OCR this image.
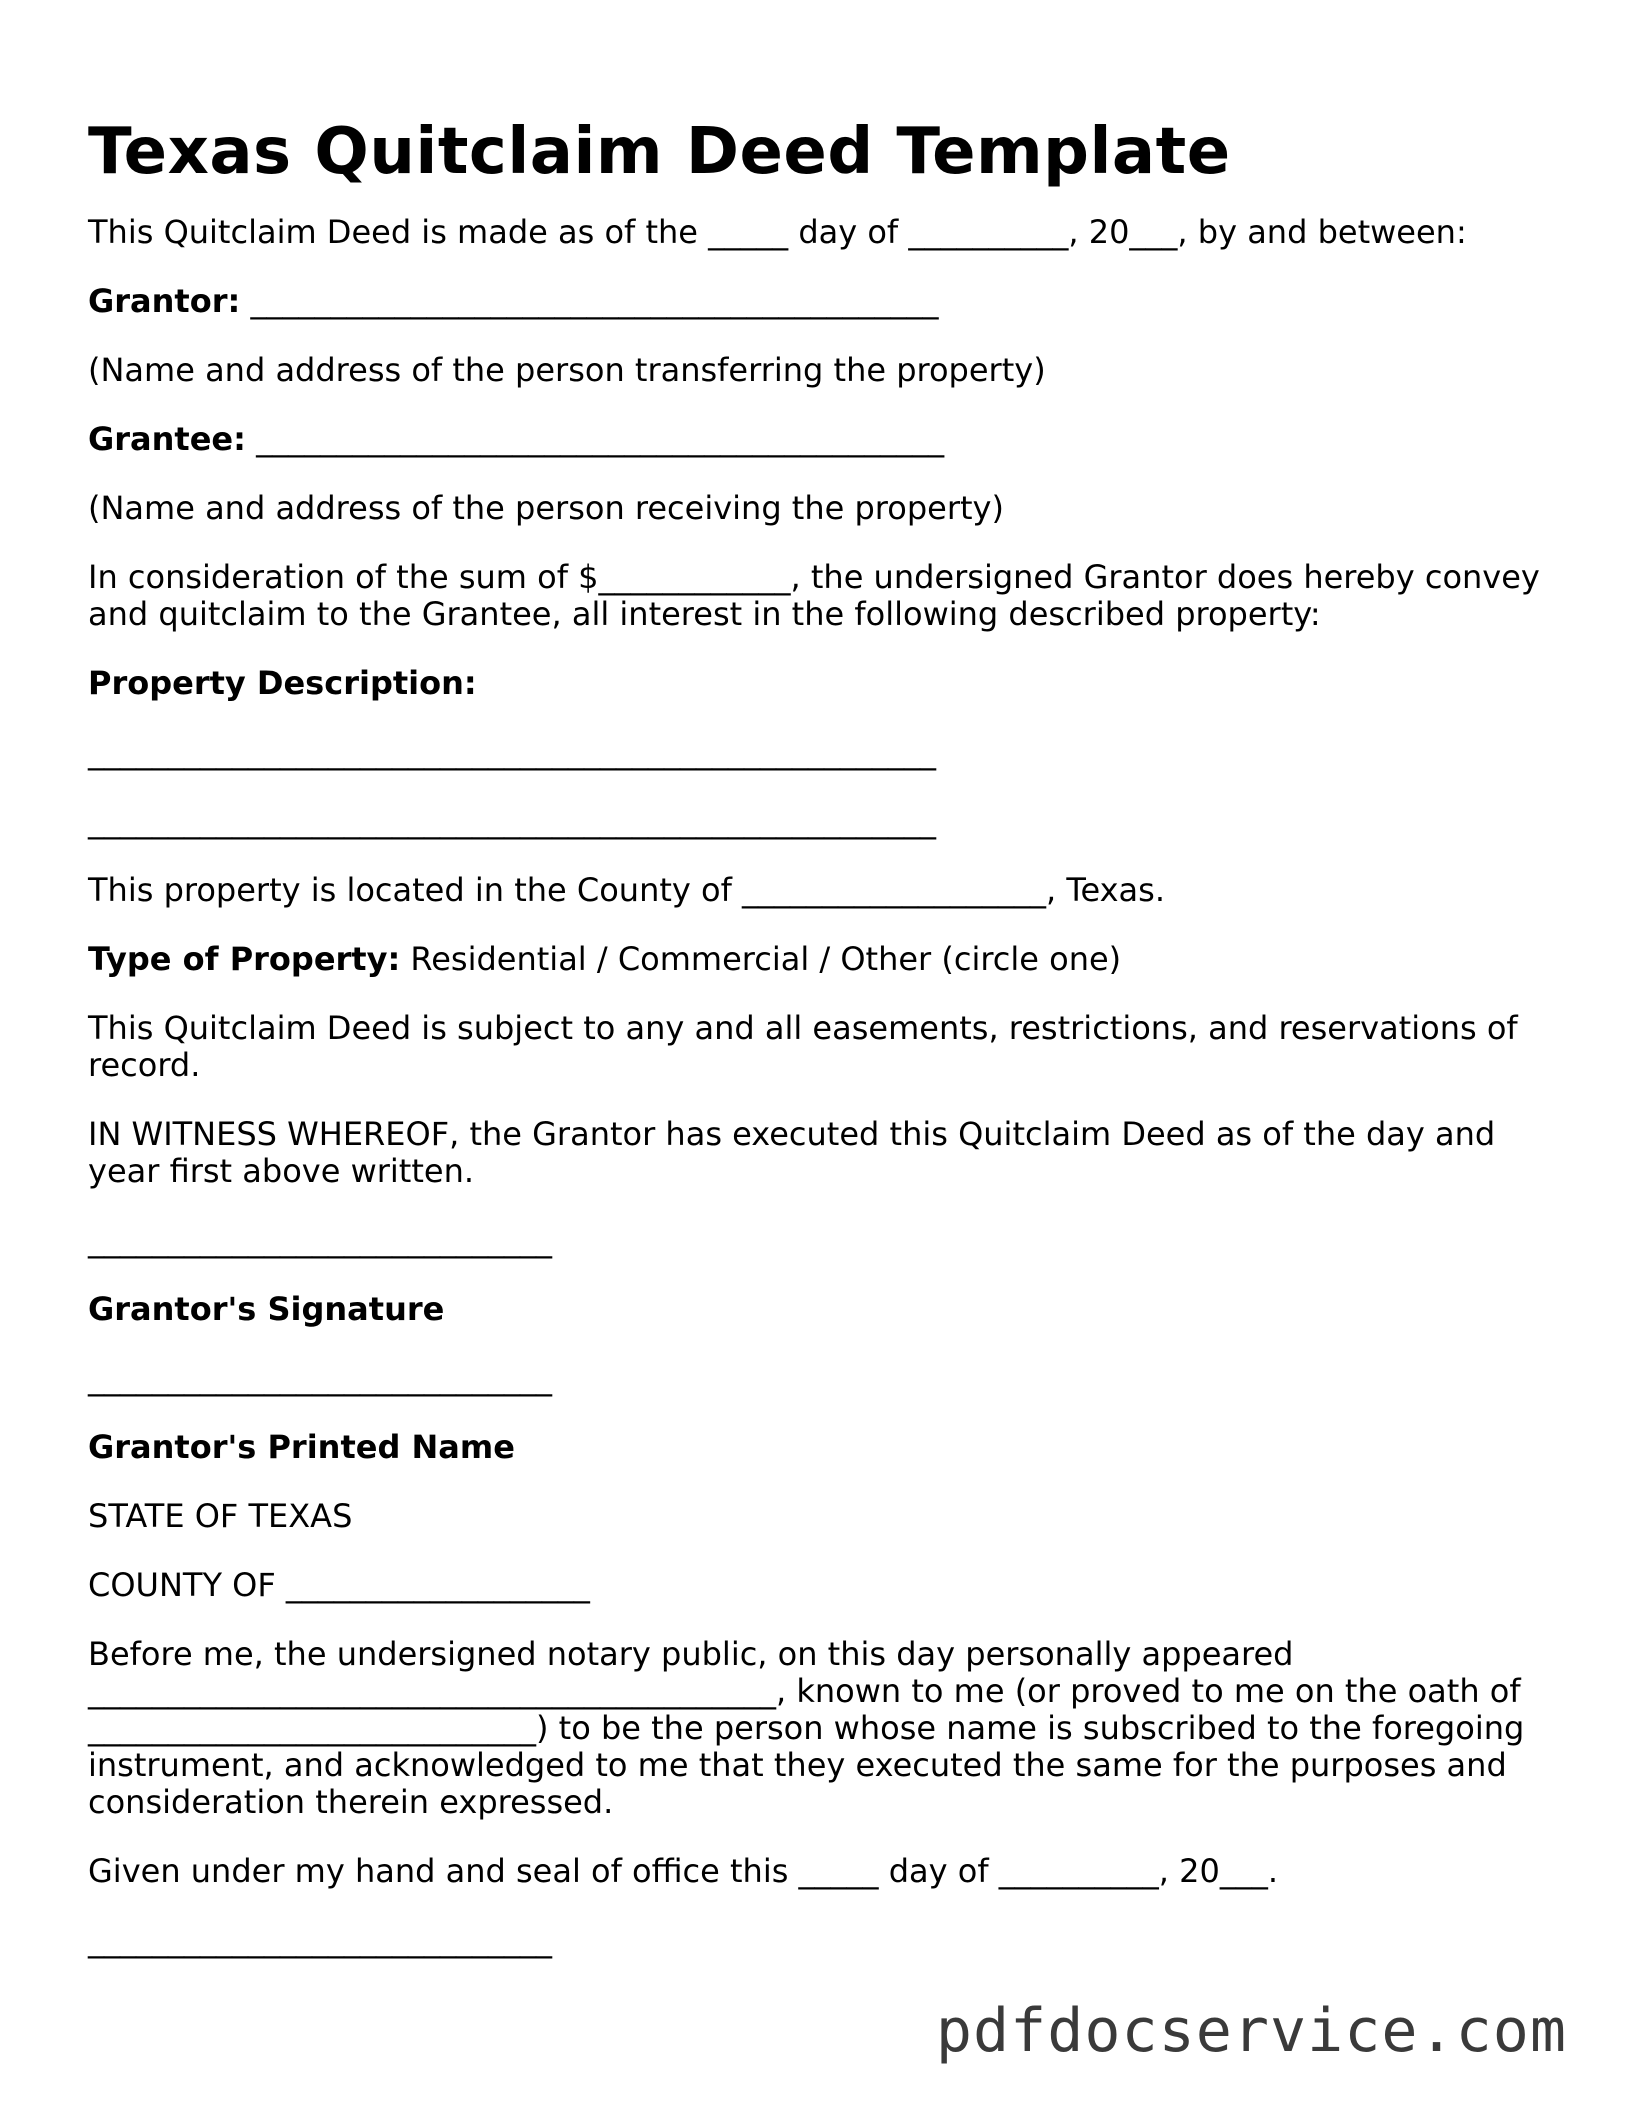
Texas Quitclaim Deed Template

This Quitclaim Deed is made as of the _____ day of __________, 20___, by and between:

Grantor: ___________________________________________

(Name and address of the person transferring the property)

Grantee: ___________________________________________

(Name and address of the person receiving the property)

In consideration of the sum of $____________, the undersigned Grantor does hereby convey and quitclaim to the Grantee, all interest in the following described property:

Property Description:

_____________________________________________________
_____________________________________________________

This property is located in the County of ___________________, Texas.

Type of Property: Residential / Commercial / Other (circle one)

This Quitclaim Deed is subject to any and all easements, restrictions, and reservations of record.

IN WITNESS WHEREOF, the Grantor has executed this Quitclaim Deed as of the day and year first above written.

_____________________________

Grantor's Signature

_____________________________

Grantor's Printed Name

STATE OF TEXAS

COUNTY OF ___________________

Before me, the undersigned notary public, on this day personally appeared ___________________________________________, known to me (or proved to me on the oath of ____________________________) to be the person whose name is subscribed to the foregoing instrument, and acknowledged to me that they executed the same for the purposes and consideration therein expressed.

Given under my hand and seal of office this _____ day of __________, 20___.

_____________________________
pdfdocservice.com
